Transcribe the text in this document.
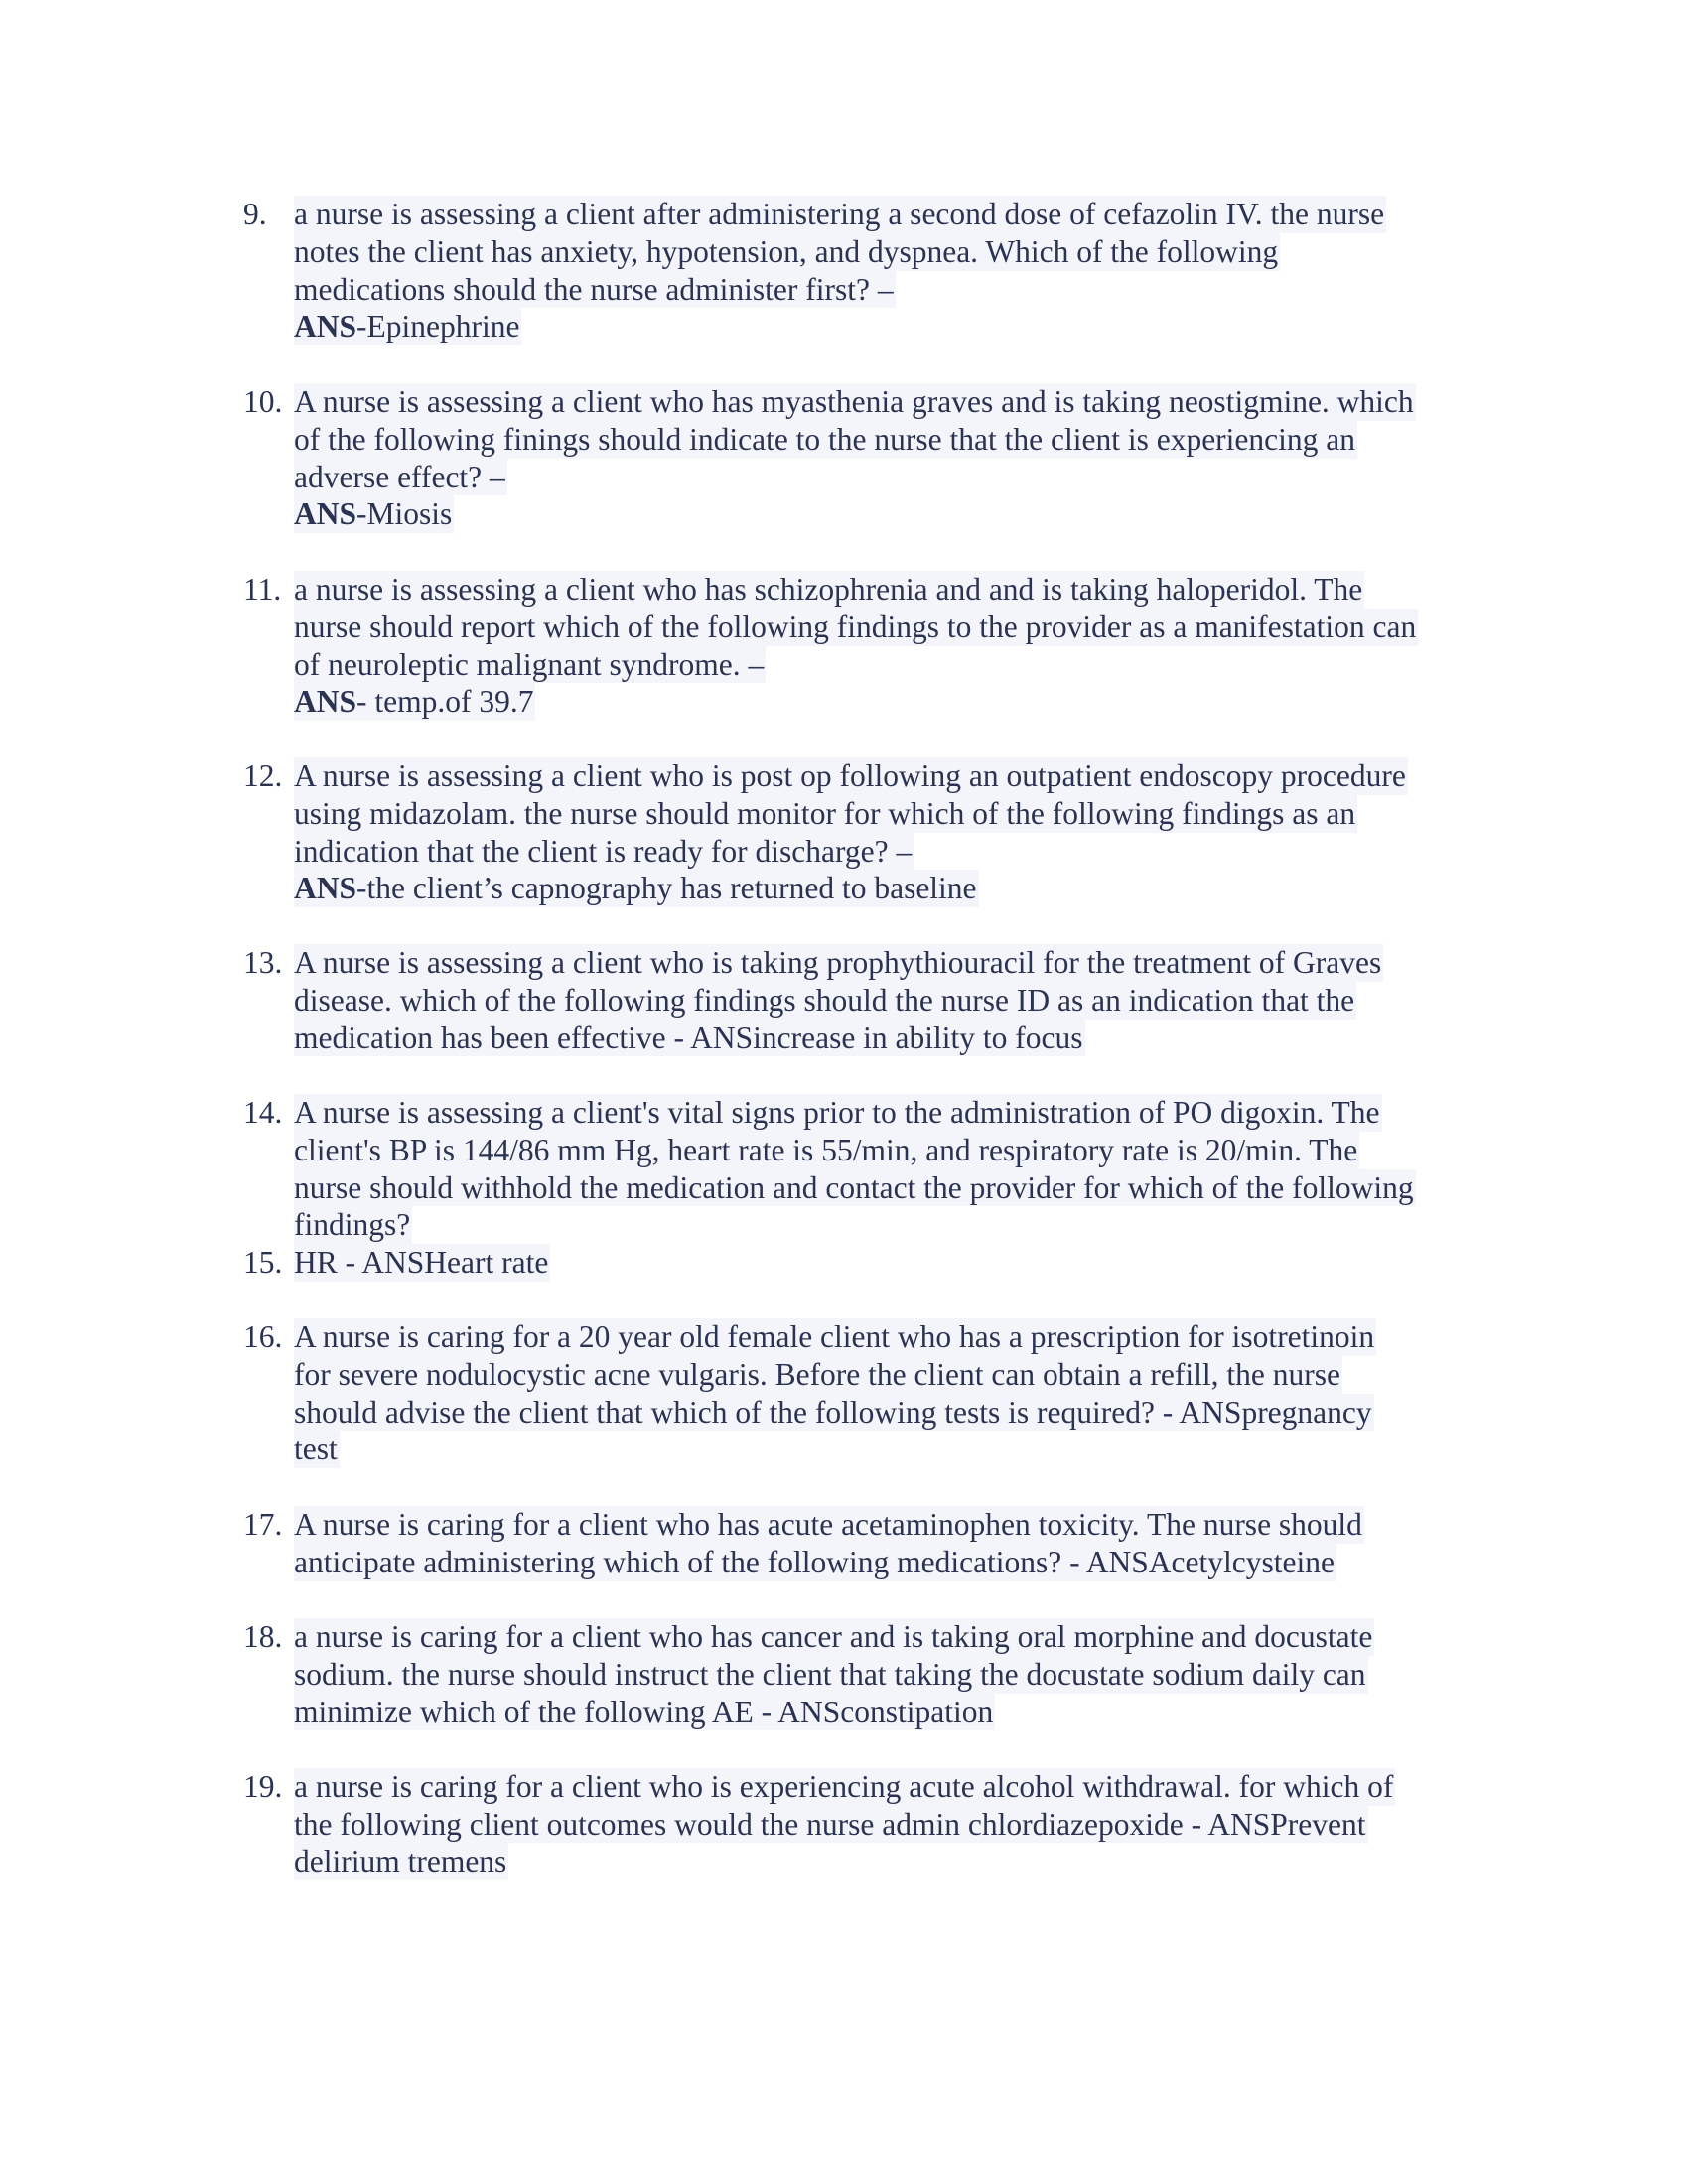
9. a nurse is assessing a client after administering a second dose of cefazolin IV. the nurse
notes the client has anxiety, hypotension, and dyspnea. Which of the following
medications should the nurse administer first? –
ANS-Epinephrine
10. A nurse is assessing a client who has myasthenia graves and is taking neostigmine. which
of the following finings should indicate to the nurse that the client is experiencing an
adverse effect? –
ANS-Miosis
11. a nurse is assessing a client who has schizophrenia and and is taking haloperidol. The
nurse should report which of the following findings to the provider as a manifestation can
of neuroleptic malignant syndrome. –
ANS- temp.of 39.7
12. A nurse is assessing a client who is post op following an outpatient endoscopy procedure
using midazolam. the nurse should monitor for which of the following findings as an
indication that the client is ready for discharge? –
ANS-the client’s capnography has returned to baseline
13. A nurse is assessing a client who is taking prophythiouracil for the treatment of Graves
disease. which of the following findings should the nurse ID as an indication that the
medication has been effective - ANSincrease in ability to focus
14. A nurse is assessing a client's vital signs prior to the administration of PO digoxin. The
client's BP is 144/86 mm Hg, heart rate is 55/min, and respiratory rate is 20/min. The
nurse should withhold the medication and contact the provider for which of the following
findings?
15. HR - ANSHeart rate
16. A nurse is caring for a 20 year old female client who has a prescription for isotretinoin
for severe nodulocystic acne vulgaris. Before the client can obtain a refill, the nurse
should advise the client that which of the following tests is required? - ANSpregnancy
test
17. A nurse is caring for a client who has acute acetaminophen toxicity. The nurse should
anticipate administering which of the following medications? - ANSAcetylcysteine
18. a nurse is caring for a client who has cancer and is taking oral morphine and docustate
sodium. the nurse should instruct the client that taking the docustate sodium daily can
minimize which of the following AE - ANSconstipation
19. a nurse is caring for a client who is experiencing acute alcohol withdrawal. for which of
the following client outcomes would the nurse admin chlordiazepoxide - ANSPrevent
delirium tremens
